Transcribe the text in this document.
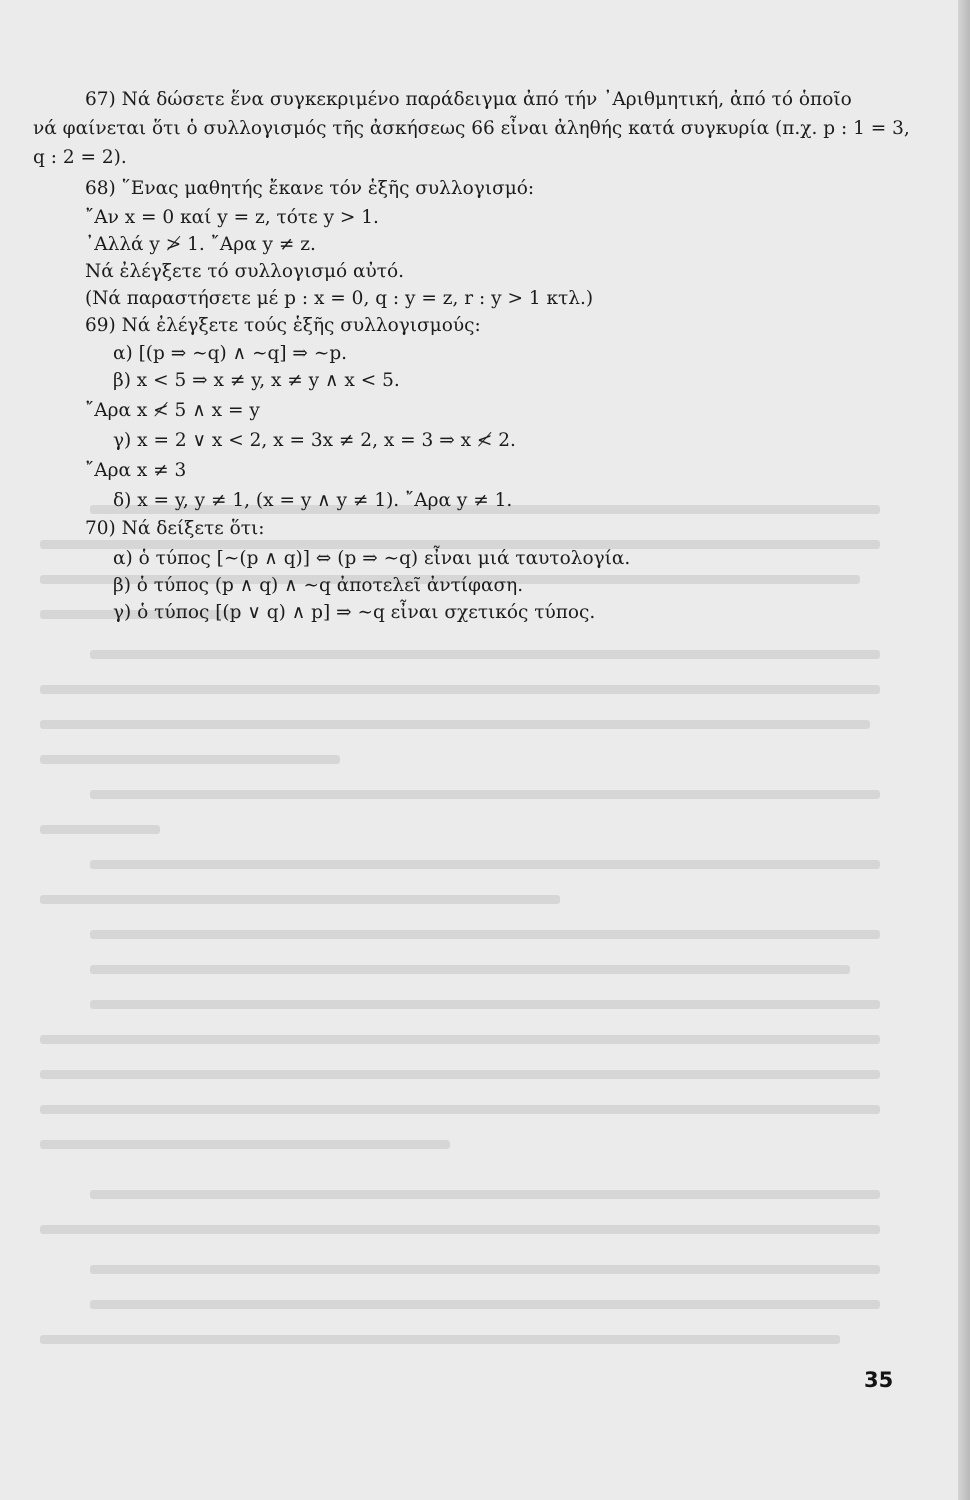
67) Νά δώσετε ἕνα συγκεκριμένο παράδειγμα ἀπό τήν ᾿Αριθμητική, ἀπό τό ὁποῖο
νά φαίνεται ὅτι ὁ συλλογισμός τῆς ἀσκήσεως 66 εἶναι ἀληθής κατά συγκυρία (π.χ. p : 1 = 3,
q : 2 = 2).
68) ῞Ενας μαθητής ἔκανε τόν ἑξῆς συλλογισμό:
῎Αν x = 0 καί y = z, τότε y > 1.
᾿Αλλά y ≯ 1. ῎Αρα y ≠ z.
Νά ἐλέγξετε τό συλλογισμό αὐτό.
(Νά παραστήσετε μέ p : x = 0, q : y = z, r : y > 1 κτλ.)
69) Νά ἐλέγξετε τούς ἑξῆς συλλογισμούς:
α) [(p ⇒ ∼q) ∧ ∼q] ⇒ ∼p.
β) x < 5 ⇒ x ≠ y, x ≠ y ∧ x < 5.
῎Αρα x ≮ 5 ∧ x = y
γ) x = 2 ∨ x < 2, x = 3x ≠ 2, x = 3 ⇒ x ≮ 2.
῎Αρα x ≠ 3
δ) x = y, y ≠ 1, (x = y ∧ y ≠ 1). ῎Αρα y ≠ 1.
70) Νά δείξετε ὅτι:
α) ὁ τύπος [∼(p ∧ q)] ⇔ (p ⇒ ∼q) εἶναι μιά ταυτολογία.
β) ὁ τύπος (p ∧ q) ∧ ∼q ἀποτελεῖ ἀντίφαση.
γ) ὁ τύπος [(p ∨ q) ∧ p] ⇒ ∼q εἶναι σχετικός τύπος.
35
